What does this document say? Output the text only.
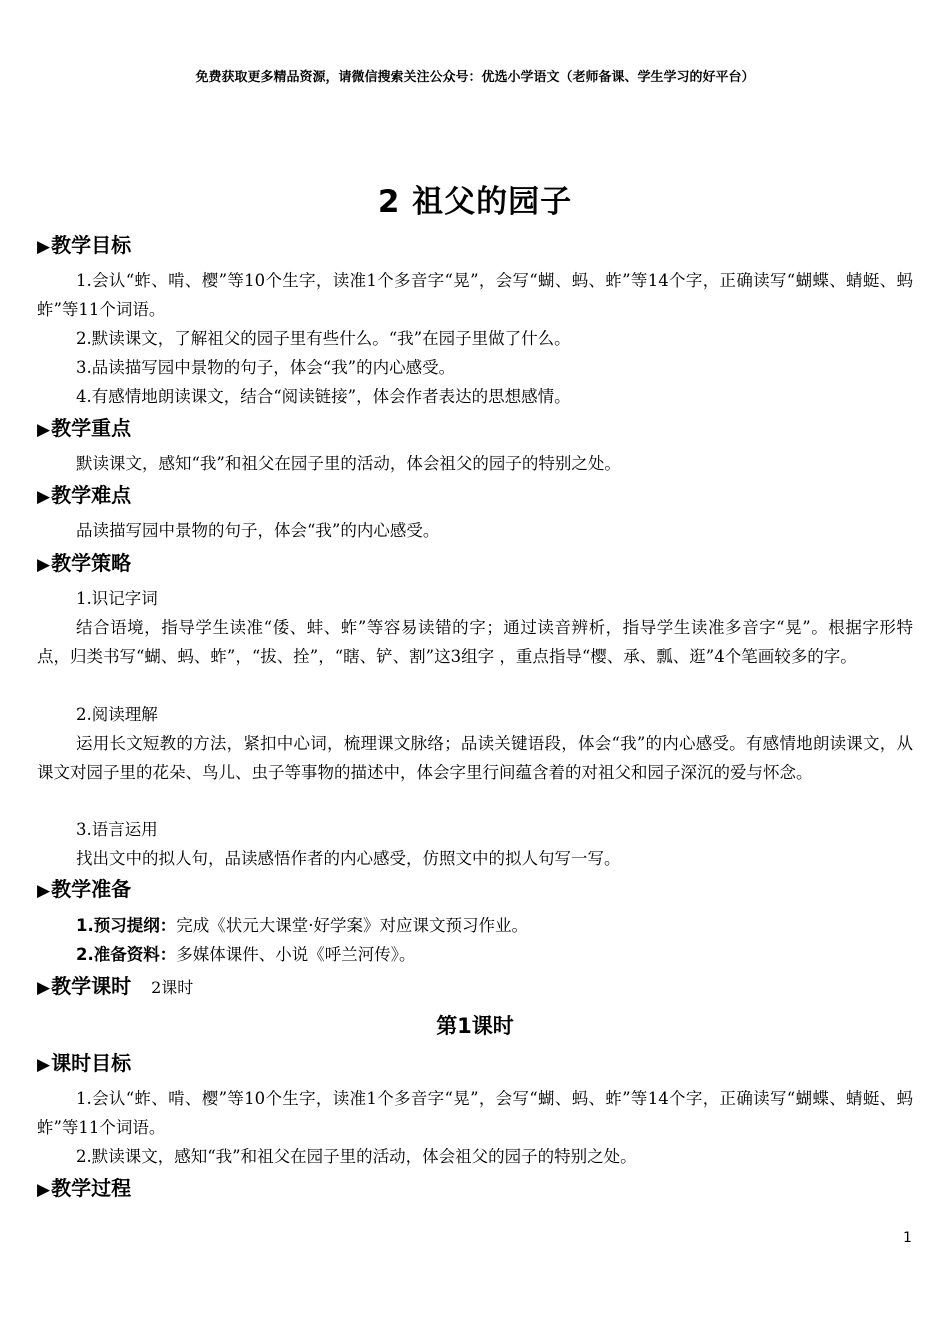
免费获取更多精品资源，请微信搜索关注公众号：优选小学语文（老师备课、学生学习的好平台）
2 祖父的园子
▶教学目标
1.会认“蚱、啃、樱”等10个生字，读准1个多音字“晃”，会写“蝴、蚂、蚱”等14个字，正确读写“蝴蝶、蜻蜓、蚂蚱”等11个词语。
2.默读课文，了解祖父的园子里有些什么。“我”在园子里做了什么。
3.品读描写园中景物的句子，体会“我”的内心感受。
4.有感情地朗读课文，结合“阅读链接”，体会作者表达的思想感情。
▶教学重点
默读课文，感知“我”和祖父在园子里的活动，体会祖父的园子的特别之处。
▶教学难点
品读描写园中景物的句子，体会“我”的内心感受。
▶教学策略
1.识记字词
结合语境，指导学生读准“倭、蚌、蚱”等容易读错的字；通过读音辨析，指导学生读准多音字“晃”。根据字形特点，归类书写“蝴、蚂、蚱”，“拔、拴”，“瞎、铲、割”这3组字 ，重点指导“樱、承、瓢、逛”4个笔画较多的字。
2.阅读理解
运用长文短教的方法，紧扣中心词，梳理课文脉络；品读关键语段，体会“我”的内心感受。有感情地朗读课文，从课文对园子里的花朵、鸟儿、虫子等事物的描述中，体会字里行间蕴含着的对祖父和园子深沉的爱与怀念。
3.语言运用
找出文中的拟人句，品读感悟作者的内心感受，仿照文中的拟人句写一写。
▶教学准备
1.预习提纲：完成《状元大课堂·好学案》对应课文预习作业。
2.准备资料：多媒体课件、小说《呼兰河传》。
▶教学课时 2课时
第1课时
▶课时目标
1.会认“蚱、啃、樱”等10个生字，读准1个多音字“晃”，会写“蝴、蚂、蚱”等14个字，正确读写“蝴蝶、蜻蜓、蚂蚱”等11个词语。
2.默读课文，感知“我”和祖父在园子里的活动，体会祖父的园子的特别之处。
▶教学过程
1
